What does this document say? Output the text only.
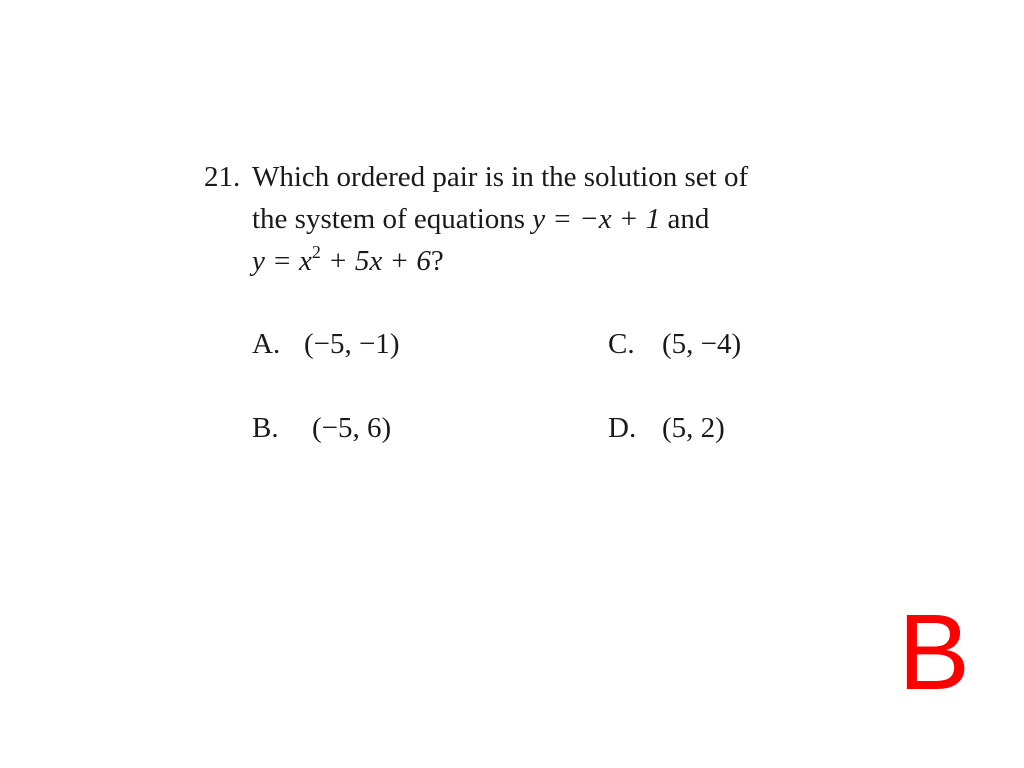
21. Which ordered pair is in the solution set of
the system of equations y = −x + 1 and
$y = x^2 + 5x + 6$?
A. (−5, −1)
B. (−5, 6)
C. (5, −4)
D. (5, 2)
B
